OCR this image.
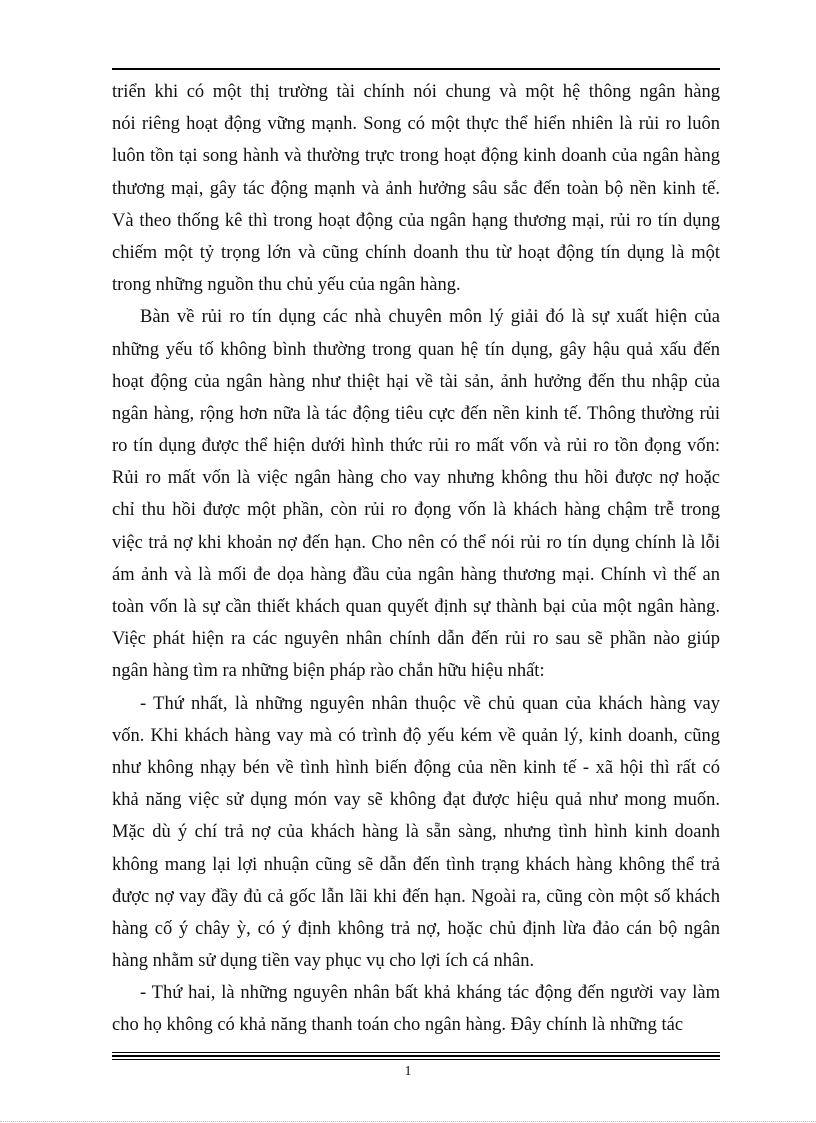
triển khi có một thị trường tài chính nói chung và một hệ thông ngân hàng
nói riêng hoạt động vững mạnh. Song có một thực thể hiển nhiên là rủi ro luôn
luôn tồn tại song hành và thường trực trong hoạt động kinh doanh của ngân hàng
thương mại, gây tác động mạnh và ảnh hưởng sâu sắc đến toàn bộ nền kinh tế.
Và theo thống kê thì trong hoạt động của ngân hạng thương mại, rủi ro tín dụng
chiếm một tỷ trọng lớn và cũng chính doanh thu từ hoạt động tín dụng là một
trong những nguồn thu chủ yếu của ngân hàng.
Bàn về rủi ro tín dụng các nhà chuyên môn lý giải đó là sự xuất hiện của
những yếu tố không bình thường trong quan hệ tín dụng, gây hậu quả xấu đến
hoạt động của ngân hàng như thiệt hại về tài sản, ảnh hưởng đến thu nhập của
ngân hàng, rộng hơn nữa là tác động tiêu cực đến nền kinh tế. Thông thường rủi
ro tín dụng được thể hiện dưới hình thức rủi ro mất vốn và rủi ro tồn đọng vốn:
Rủi ro mất vốn là việc ngân hàng cho vay nhưng không thu hồi được nợ hoặc
chỉ thu hồi được một phần, còn rủi ro đọng vốn là khách hàng chậm trễ trong
việc trả nợ khi khoản nợ đến hạn. Cho nên có thể nói rủi ro tín dụng chính là lỗi
ám ảnh và là mối đe dọa hàng đầu của ngân hàng thương mại. Chính vì thế an
toàn vốn là sự cần thiết khách quan quyết định sự thành bại của một ngân hàng.
Việc phát hiện ra các nguyên nhân chính dẫn đến rủi ro sau sẽ phần nào giúp
ngân hàng tìm ra những biện pháp rào chắn hữu hiệu nhất:
- Thứ nhất, là những nguyên nhân thuộc về chủ quan của khách hàng vay
vốn. Khi khách hàng vay mà có trình độ yếu kém về quản lý, kinh doanh, cũng
như không nhạy bén về tình hình biến động của nền kinh tế - xã hội thì rất có
khả năng việc sử dụng món vay sẽ không đạt được hiệu quả như mong muốn.
Mặc dù ý chí trả nợ của khách hàng là sẵn sàng, nhưng tình hình kinh doanh
không mang lại lợi nhuận cũng sẽ dẫn đến tình trạng khách hàng không thể trả
được nợ vay đầy đủ cả gốc lẫn lãi khi đến hạn. Ngoài ra, cũng còn một số khách
hàng cố ý chây ỳ, có ý định không trả nợ, hoặc chủ định lừa đảo cán bộ ngân
hàng nhằm sử dụng tiền vay phục vụ cho lợi ích cá nhân.
- Thứ hai, là những nguyên nhân bất khả kháng tác động đến người vay làm
cho họ không có khả năng thanh toán cho ngân hàng. Đây chính là những tác
1
